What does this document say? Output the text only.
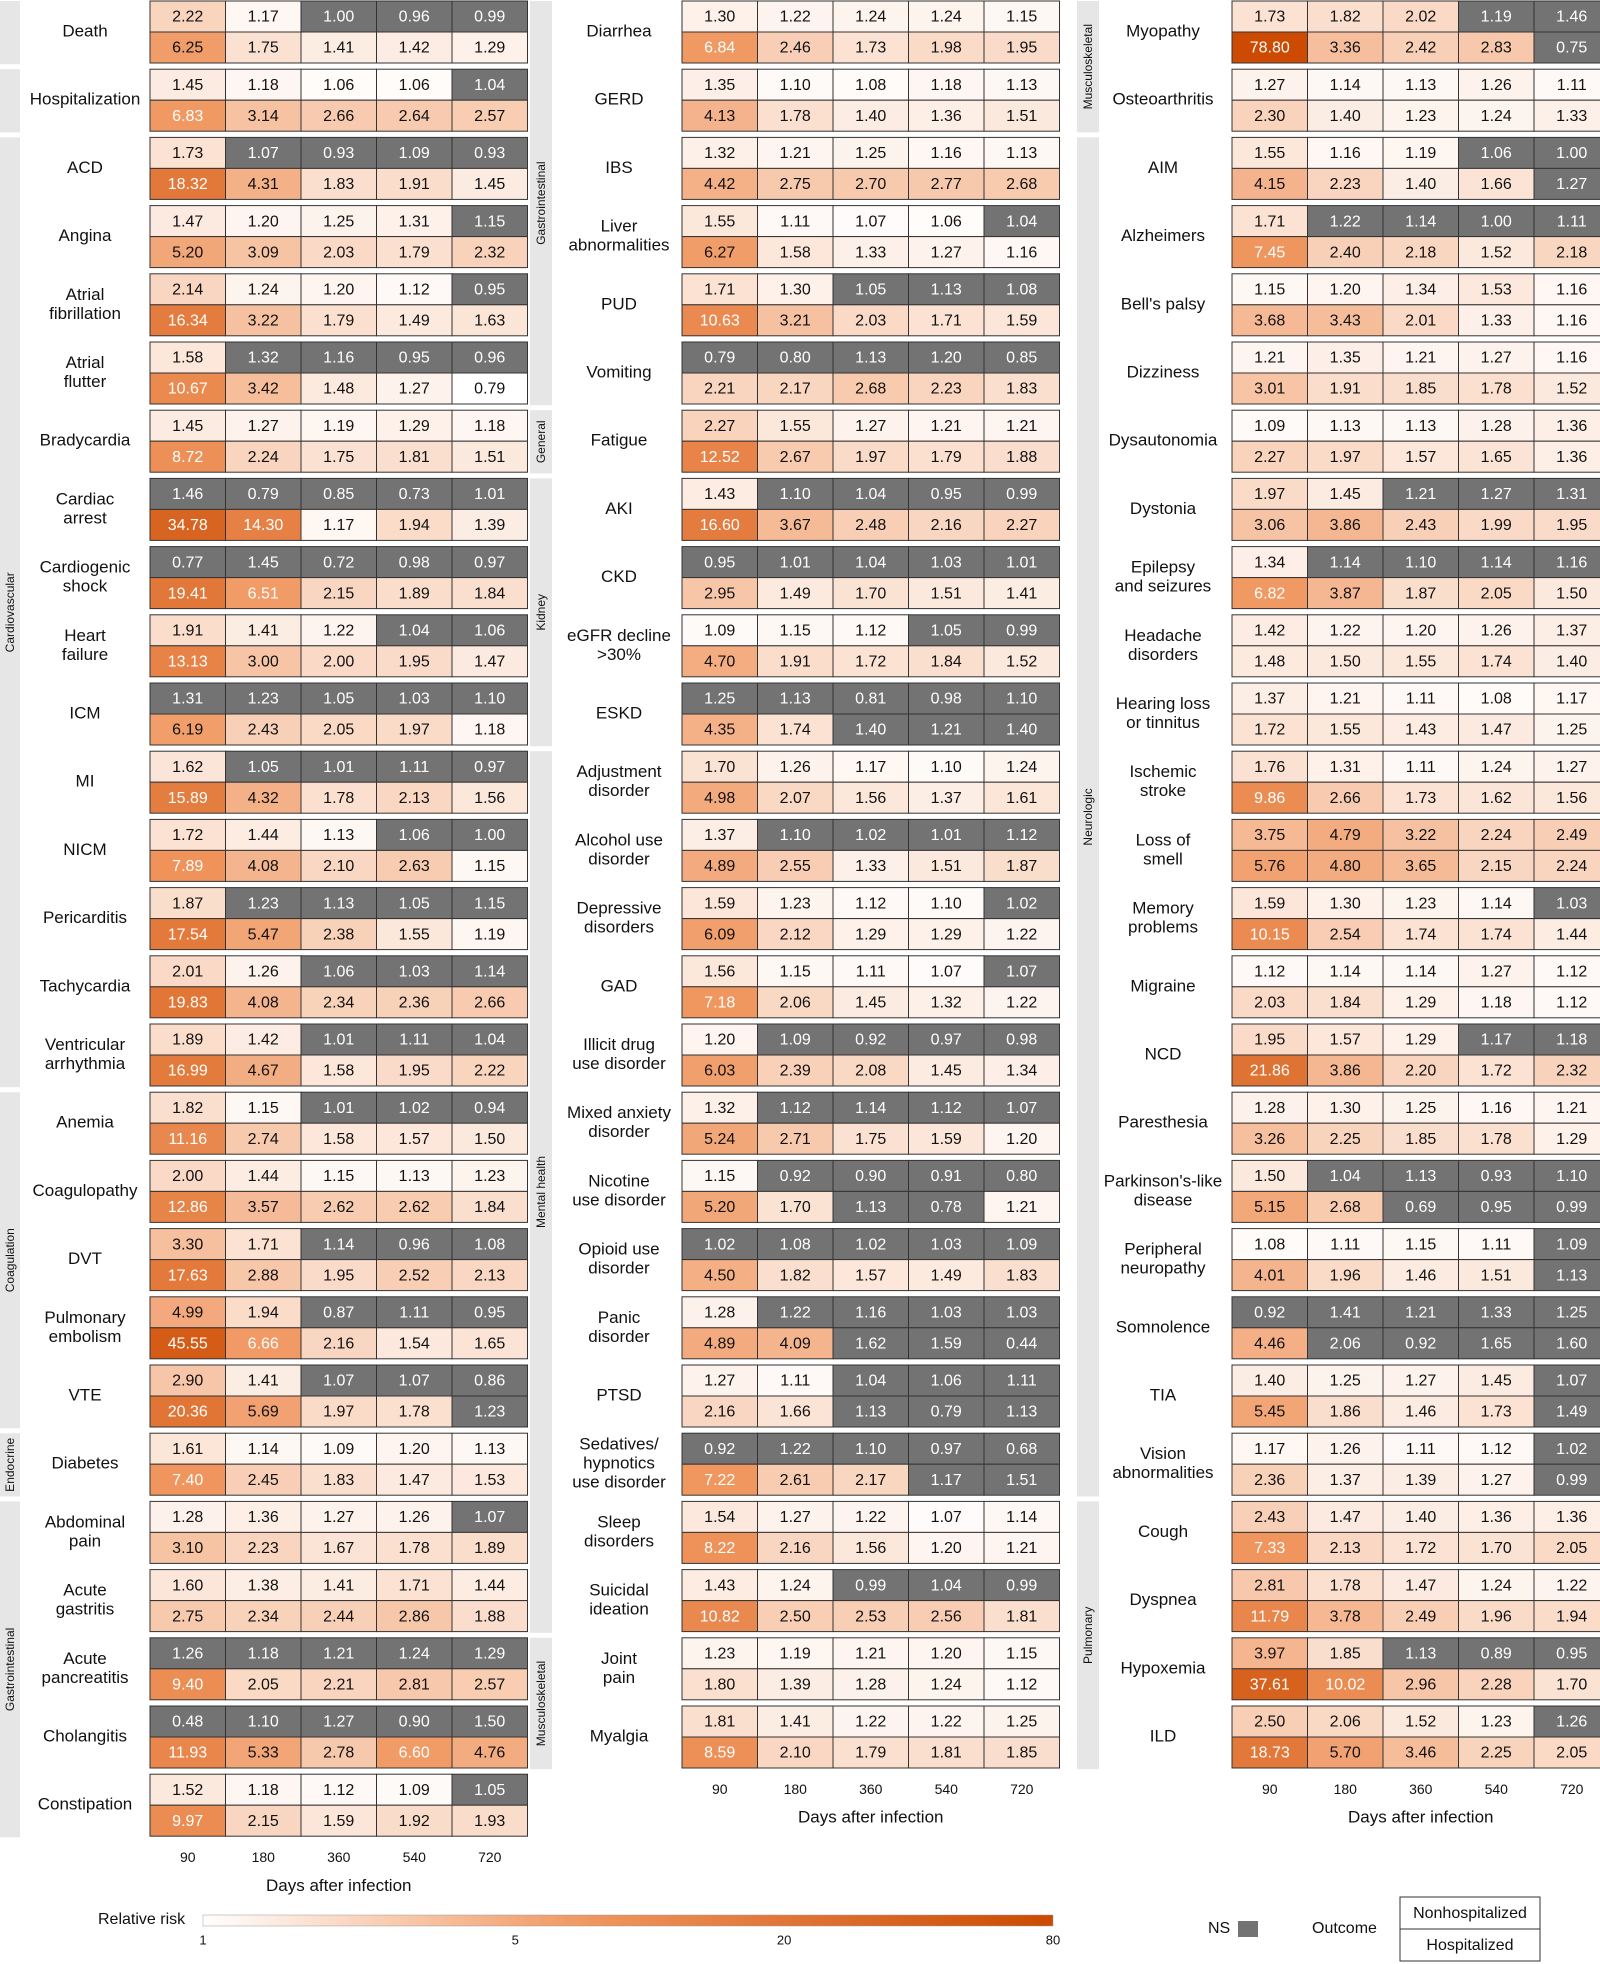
Death
2.22	1.17	1.00	0.96	0.99
6.25	1.75	1.41	1.42	1.29
Hospitalization
1.45	1.18	1.06	1.06	1.04
6.83	3.14	2.66	2.64	2.57
Cardiovascular
ACD
1.73	1.07	0.93	1.09	0.93
18.32 4.31	1.83	1.91	1.45
Angina
1.47	1.20	1.25	1.31	1.15
5.20	3.09	2.03	1.79	2.32
Atrial
fibrillation
2.14	1.24	1.20	1.12	0.95
16.34 3.22	1.79	1.49	1.63
Atrial
flutter
1.58	1.32	1.16	0.95	0.96
10.67 3.42	1.48	1.27	0.79
Bradycardia
1.45	1.27	1.19	1.29	1.18
8.72	2.24	1.75	1.81	1.51
Cardiac
arrest
1.46	0.79	0.85	0.73	1.01
34.78 14.30 1.17	1.94	1.39
Cardiogenic
shock
0.77	1.45	0.72	0.98	0.97
19.41 6.51	2.15	1.89	1.84
Heart
failure
1.91	1.41	1.22	1.04	1.06
13.13 3.00	2.00	1.95	1.47
ICM
1.31	1.23	1.05	1.03	1.10
6.19	2.43	2.05	1.97	1.18
MI
1.62	1.05	1.01	1.11	0.97
15.89 4.32	1.78	2.13	1.56
NICM
1.72	1.44	1.13	1.06	1.00
7.89	4.08	2.10	2.63	1.15
Pericarditis
1.87	1.23	1.13	1.05	1.15
17.54 5.47	2.38	1.55	1.19
Tachycardia
2.01	1.26	1.06	1.03	1.14
19.83 4.08	2.34	2.36	2.66
Ventricular
arrhythmia
1.89	1.42	1.01	1.11	1.04
16.99 4.67	1.58	1.95	2.22
Coagulation
Anemia
1.82	1.15	1.01	1.02	0.94
11.16	2.74	1.58	1.57	1.50
Coagulopathy
2.00	1.44	1.15	1.13	1.23
12.86 3.57	2.62	2.62	1.84
DVT
3.30	1.71	1.14	0.96	1.08
17.63 2.88	1.95	2.52	2.13
Pulmonary
embolism
4.99	1.94	0.87	1.11	0.95
45.55 6.66	2.16	1.54	1.65
VTE
2.90	1.41	1.07	1.07	0.86
20.36 5.69	1.97	1.78	1.23
Endocrine Diabetes
1.61	1.14	1.09	1.20	1.13
7.40	2.45	1.83	1.47	1.53
Gastrointestinal
Abdominal
pain
1.28	1.36	1.27	1.26	1.07
3.10	2.23	1.67	1.78	1.89
Acute
gastritis
1.60	1.38	1.41	1.71	1.44
2.75	2.34	2.44	2.86	1.88
Acute
pancreatitis
1.26	1.18	1.21	1.24	1.29
9.40	2.05	2.21	2.81	2.57
Cholangitis
0.48	1.10	1.27	0.90	1.50
11.93	5.33	2.78	6.60	4.76
Constipation
1.52	1.18	1.12	1.09	1.05
9.97	2.15	1.59	1.92	1.93
90	180	360	540	720
Days after infection
Gastrointestinal
Diarrhea
1.30	1.22	1.24	1.24	1.15
6.84	2.46	1.73	1.98	1.95
GERD
1.35	1.10	1.08	1.18	1.13
4.13	1.78	1.40	1.36	1.51
IBS
1.32	1.21	1.25	1.16	1.13
4.42	2.75	2.70	2.77	2.68
Liver
abnormalities
1.55	1.11	1.07	1.06	1.04
6.27	1.58	1.33	1.27	1.16
PUD
1.71	1.30	1.05	1.13	1.08
10.63 3.21	2.03	1.71	1.59
Vomiting
0.79	0.80	1.13	1.20	0.85
2.21	2.17	2.68	2.23	1.83
General Fatigue
2.27	1.55	1.27	1.21	1.21
12.52 2.67	1.97	1.79	1.88
Kidney
AKI
1.43	1.10	1.04	0.95	0.99
16.60 3.67	2.48	2.16	2.27
CKD
0.95	1.01	1.04	1.03	1.01
2.95	1.49	1.70	1.51	1.41
eGFR decline
>30%
1.09	1.15	1.12	1.05	0.99
4.70	1.91	1.72	1.84	1.52
ESKD
1.25	1.13	0.81	0.98	1.10
4.35	1.74	1.40	1.21	1.40
Mental health
Adjustment
disorder
1.70	1.26	1.17	1.10	1.24
4.98	2.07	1.56	1.37	1.61
Alcohol use
disorder
1.37	1.10	1.02	1.01	1.12
4.89	2.55	1.33	1.51	1.87
Depressive
disorders
1.59	1.23	1.12	1.10	1.02
6.09	2.12	1.29	1.29	1.22
GAD
1.56	1.15	1.11	1.07	1.07
7.18	2.06	1.45	1.32	1.22
Illicit drug
use disorder
1.20	1.09	0.92	0.97	0.98
6.03	2.39	2.08	1.45	1.34
Mixed anxiety
disorder
1.32	1.12	1.14	1.12	1.07
5.24	2.71	1.75	1.59	1.20
Nicotine
use disorder
1.15	0.92	0.90	0.91	0.80
5.20	1.70	1.13	0.78	1.21
Opioid use
disorder
1.02	1.08	1.02	1.03	1.09
4.50	1.82	1.57	1.49	1.83
Panic
disorder
1.28	1.22	1.16	1.03	1.03
4.89	4.09	1.62	1.59	0.44
PTSD
1.27	1.11	1.04	1.06	1.11
2.16	1.66	1.13	0.79	1.13
Sedatives/
hypnotics
use disorder
0.92	1.22	1.10	0.97	0.68
7.22	2.61	2.17	1.17	1.51
Sleep
disorders
1.54	1.27	1.22	1.07	1.14
8.22	2.16	1.56	1.20	1.21
Suicidal
ideation
1.43	1.24	0.99	1.04	0.99
10.82 2.50	2.53	2.56	1.81
Musculoskeletal
Joint
pain
1.23	1.19	1.21	1.20	1.15
1.80	1.39	1.28	1.24	1.12
Myalgia
1.81	1.41	1.22	1.22	1.25
8.59	2.10	1.79	1.81	1.85
90	180	360	540	720
Days after infection
Musculoskeletal Myopathy
1.73	1.82	2.02	1.19	1.46
78.80 3.36	2.42	2.83	0.75
Osteoarthritis
1.27	1.14	1.13	1.26	1.11
2.30	1.40	1.23	1.24	1.33
Neurologic
AIM
1.55	1.16	1.19	1.06	1.00
4.15	2.23	1.40	1.66	1.27
Alzheimers
1.71	1.22	1.14	1.00	1.11
7.45	2.40	2.18	1.52	2.18
Bell's palsy
1.15	1.20	1.34	1.53	1.16
3.68	3.43	2.01	1.33	1.16
Dizziness
1.21	1.35	1.21	1.27	1.16
3.01	1.91	1.85	1.78	1.52
Dysautonomia
1.09	1.13	1.13	1.28	1.36
2.27	1.97	1.57	1.65	1.36
Dystonia
1.97	1.45	1.21	1.27	1.31
3.06	3.86	2.43	1.99	1.95
Epilepsy
and seizures
1.34	1.14	1.10	1.14	1.16
6.82	3.87	1.87	2.05	1.50
Headache
disorders
1.42	1.22	1.20	1.26	1.37
1.48	1.50	1.55	1.74	1.40
Hearing loss
or tinnitus
1.37	1.21	1.11	1.08	1.17
1.72	1.55	1.43	1.47	1.25
Ischemic
stroke
1.76	1.31	1.11	1.24	1.27
9.86	2.66	1.73	1.62	1.56
Loss of
smell
3.75	4.79	3.22	2.24	2.49
5.76	4.80	3.65	2.15	2.24
Memory
problems
1.59	1.30	1.23	1.14	1.03
10.15 2.54	1.74	1.74	1.44
Migraine
1.12	1.14	1.14	1.27	1.12
2.03	1.84	1.29	1.18	1.12
NCD
1.95	1.57	1.29	1.17	1.18
21.86 3.86	2.20	1.72	2.32
Paresthesia
1.28	1.30	1.25	1.16	1.21
3.26	2.25	1.85	1.78	1.29
Parkinson's-like
disease
1.50	1.04	1.13	0.93	1.10
5.15	2.68	0.69	0.95	0.99
Peripheral
neuropathy
1.08	1.11	1.15	1.11	1.09
4.01	1.96	1.46	1.51	1.13
Somnolence
0.92	1.41	1.21	1.33	1.25
4.46	2.06	0.92	1.65	1.60
TIA
1.40	1.25	1.27	1.45	1.07
5.45	1.86	1.46	1.73	1.49
Vision
abnormalities
1.17	1.26	1.11	1.12	1.02
2.36	1.37	1.39	1.27	0.99
Pulmonary
Cough
2.43	1.47	1.40	1.36	1.36
7.33	2.13	1.72	1.70	2.05
Dyspnea
2.81	1.78	1.47	1.24	1.22
11.79	3.78	2.49	1.96	1.94
Hypoxemia
3.97	1.85	1.13	0.89	0.95
37.61 10.02 2.96	2.28	1.70
ILD
2.50	2.06	1.52	1.23	1.26
18.73 5.70	3.46	2.25	2.05
90	180	360	540	720
Days after infection
Relative risk
1	5	20	80
NS	Outcome
Nonhospitalized
Hospitalized
